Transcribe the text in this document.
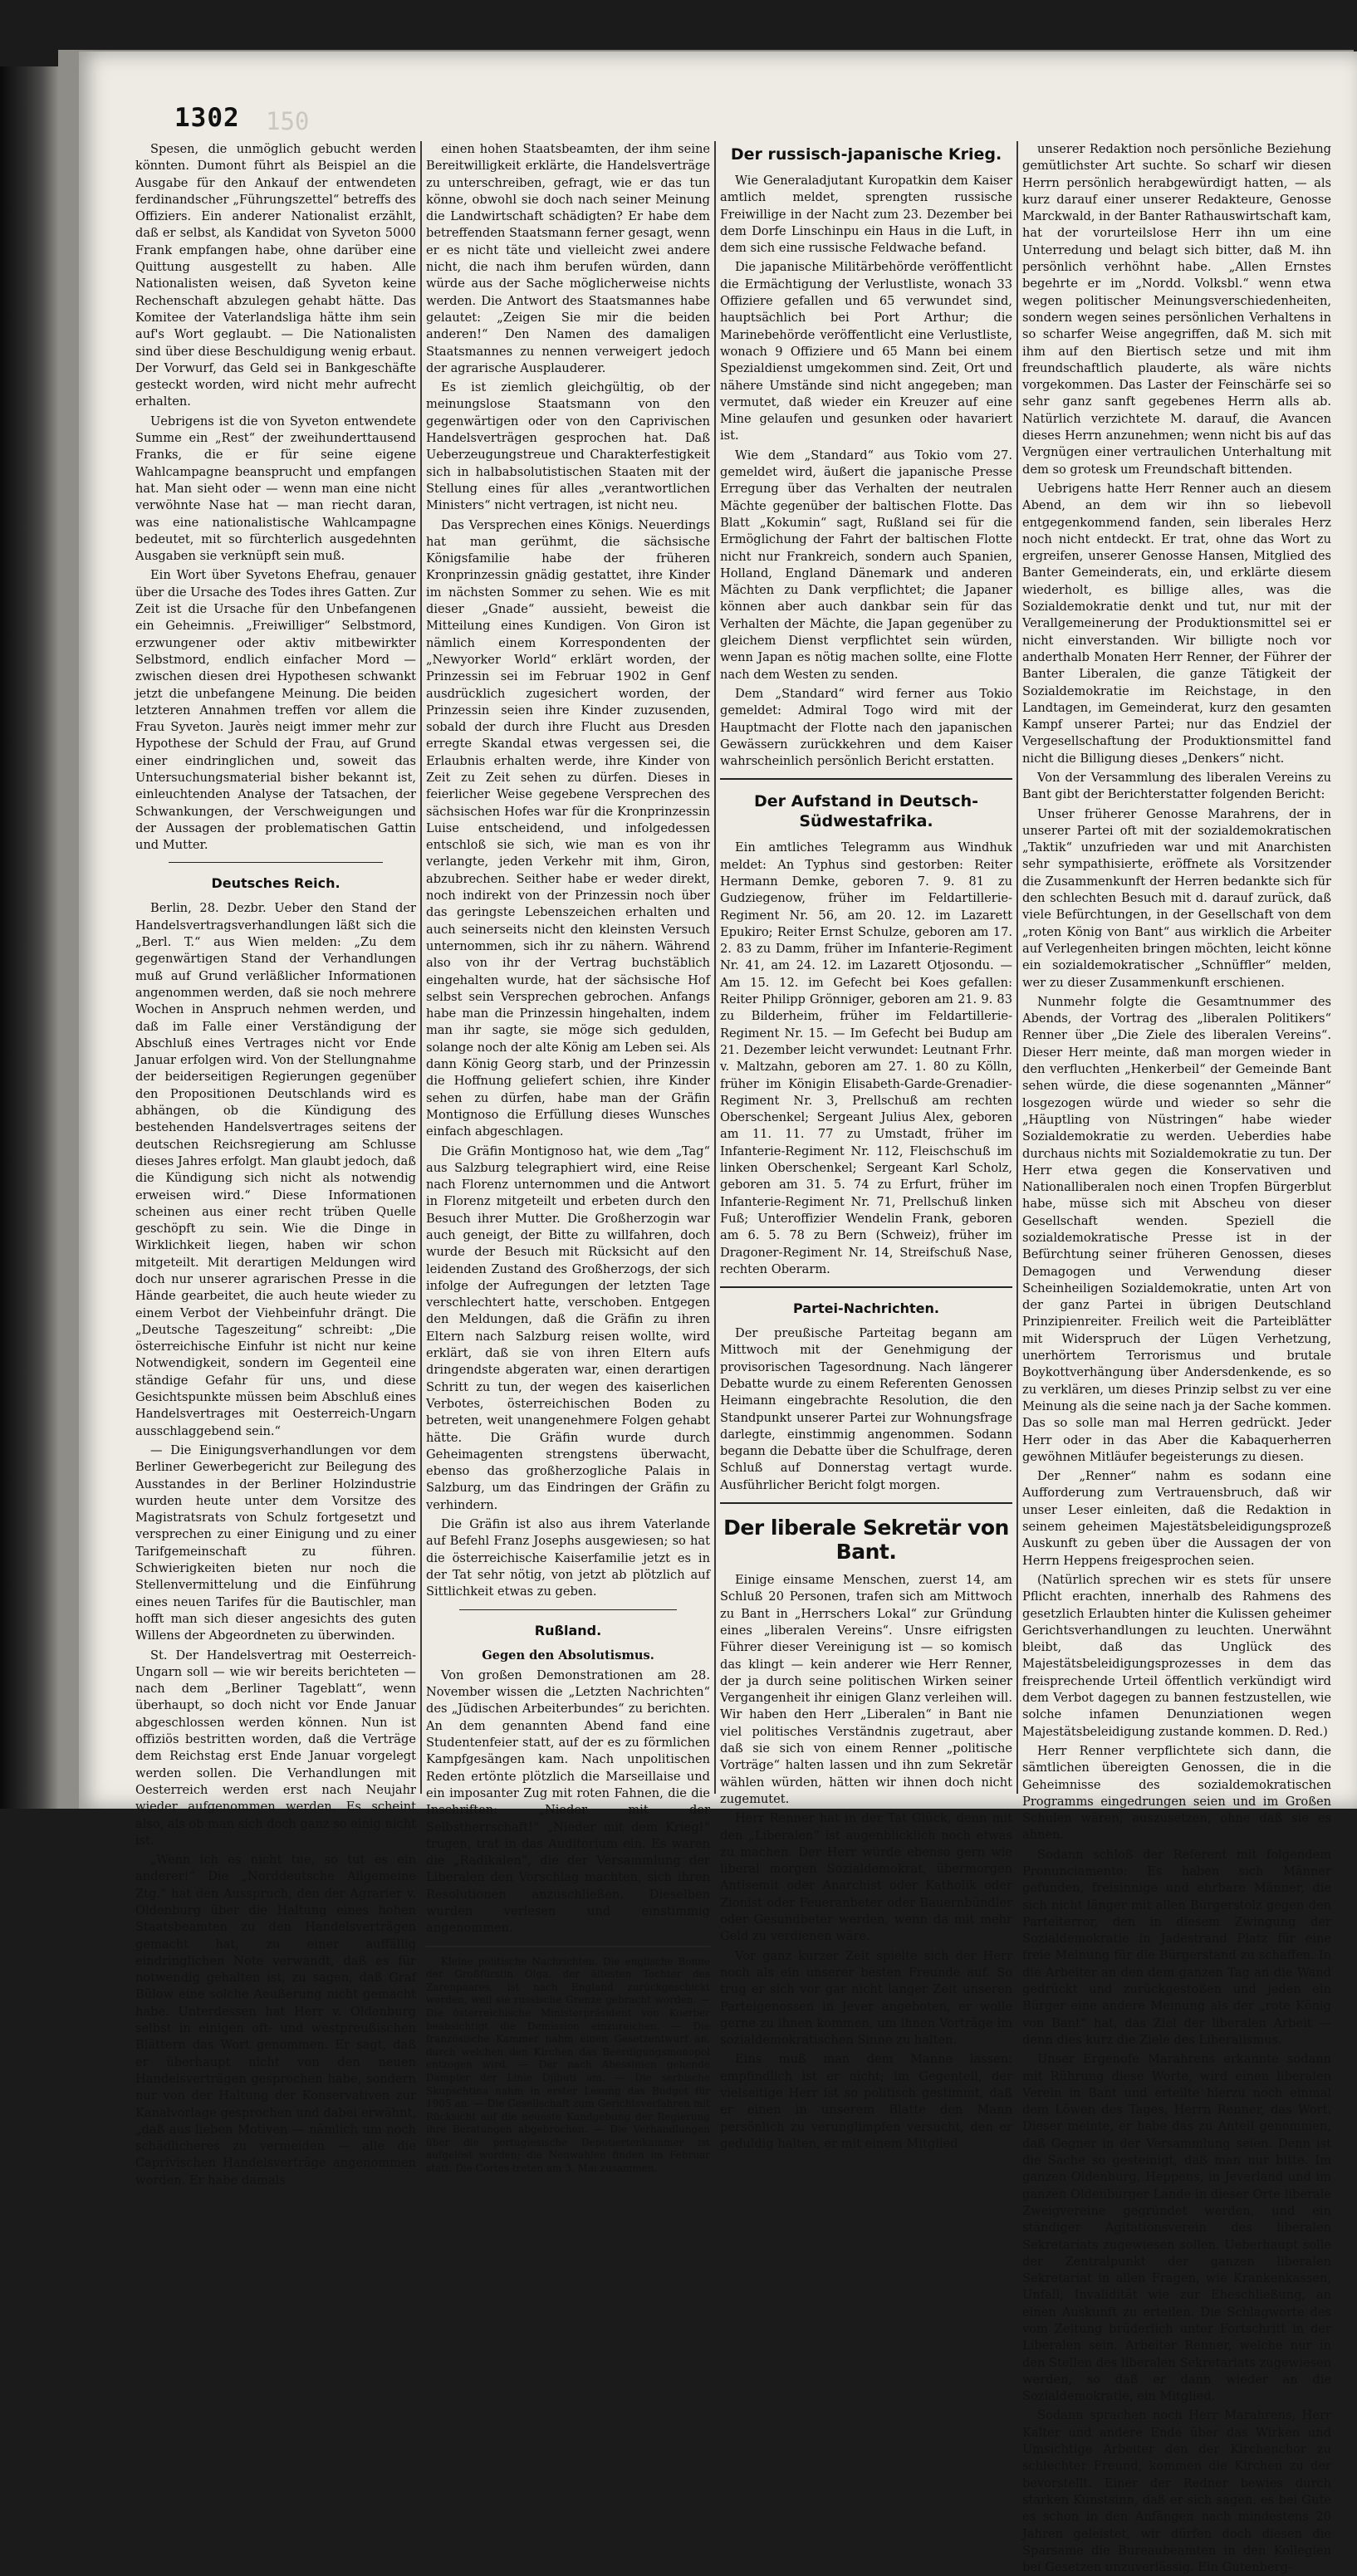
1302 150

Spesen, die unmöglich gebucht werden könnten. Dumont führt als Beispiel an die Ausgabe für den Ankauf der entwendeten ferdinandscher „Führungszettel“ betreffs des Offiziers. Ein anderer Nationalist erzählt, daß er selbst, als Kandidat von Syveton 5000 Frank empfangen habe, ohne darüber eine Quittung ausgestellt zu haben. Alle Nationalisten weisen, daß Syveton keine Rechenschaft abzulegen gehabt hätte. Das Komitee der Vaterlandsliga hätte ihm sein auf's Wort geglaubt. — Die Nationalisten sind über diese Beschuldigung wenig erbaut. Der Vorwurf, das Geld sei in Bankgeschäfte gesteckt worden, wird nicht mehr aufrecht erhalten.

Uebrigens ist die von Syveton entwendete Summe ein „Rest“ der zweihunderttausend Franks, die er für seine eigene Wahlcampagne beansprucht und empfangen hat. Man sieht oder — wenn man eine nicht verwöhnte Nase hat — man riecht daran, was eine nationalistische Wahlcampagne bedeutet, mit so fürchterlich ausgedehnten Ausgaben sie verknüpft sein muß.

Ein Wort über Syvetons Ehefrau, genauer über die Ursache des Todes ihres Gatten. Zur Zeit ist die Ursache für den Unbefangenen ein Geheimnis. „Freiwilliger“ Selbstmord, erzwungener oder aktiv mitbewirkter Selbstmord, endlich einfacher Mord — zwischen diesen drei Hypothesen schwankt jetzt die unbefangene Meinung. Die beiden letzteren Annahmen treffen vor allem die Frau Syveton. Jaurès neigt immer mehr zur Hypothese der Schuld der Frau, auf Grund einer eindringlichen und, soweit das Untersuchungsmaterial bisher bekannt ist, einleuchtenden Analyse der Tatsachen, der Schwankungen, der Verschweigungen und der Aussagen der problematischen Gattin und Mutter.

Deutsches Reich.

Berlin, 28. Dezbr. Ueber den Stand der Handelsvertragsverhandlungen läßt sich die „Berl. T.“ aus Wien melden: „Zu dem gegenwärtigen Stand der Verhandlungen muß auf Grund verläßlicher Informationen angenommen werden, daß sie noch mehrere Wochen in Anspruch nehmen werden, und daß im Falle einer Verständigung der Abschluß eines Vertrages nicht vor Ende Januar erfolgen wird. Von der Stellungnahme der beiderseitigen Regierungen gegenüber den Propositionen Deutschlands wird es abhängen, ob die Kündigung des bestehenden Handelsvertrages seitens der deutschen Reichsregierung am Schlusse dieses Jahres erfolgt. Man glaubt jedoch, daß die Kündigung sich nicht als notwendig erweisen wird.“ Diese Informationen scheinen aus einer recht trüben Quelle geschöpft zu sein. Wie die Dinge in Wirklichkeit liegen, haben wir schon mitgeteilt. Mit derartigen Meldungen wird doch nur unserer agrarischen Presse in die Hände gearbeitet, die auch heute wieder zu einem Verbot der Viehbeinfuhr drängt. Die „Deutsche Tageszeitung“ schreibt: „Die österreichische Einfuhr ist nicht nur keine Notwendigkeit, sondern im Gegenteil eine ständige Gefahr für uns, und diese Gesichtspunkte müssen beim Abschluß eines Handelsvertrages mit Oesterreich-Ungarn ausschlaggebend sein.“

— Die Einigungsverhandlungen vor dem Berliner Gewerbegericht zur Beilegung des Ausstandes in der Berliner Holzindustrie wurden heute unter dem Vorsitze des Magistratsrats von Schulz fortgesetzt und versprechen zu einer Einigung und zu einer Tarifgemeinschaft zu führen. Schwierigkeiten bieten nur noch die Stellenvermittelung und die Einführung eines neuen Tarifes für die Bautischler, man hofft man sich dieser angesichts des guten Willens der Abgeordneten zu überwinden.

St. Der Handelsvertrag mit Oesterreich-Ungarn soll — wie wir bereits berichteten — nach dem „Berliner Tageblatt“, wenn überhaupt, so doch nicht vor Ende Januar abgeschlossen werden können. Nun ist offiziös bestritten worden, daß die Verträge dem Reichstag erst Ende Januar vorgelegt werden sollen. Die Verhandlungen mit Oesterreich werden erst nach Neujahr wieder aufgenommen werden. Es scheint also, als ob man sich doch ganz so einig nicht ist.

„Wenn ich es nicht tue, so tut es ein anderer!“ Die „Norddeutsche Allgemeine Ztg.“ hat den Ausspruch, den der Agrarier v. Oldenburg über die Haltung eines hohen Staatsbeamten zu den Handelsverträgen gemacht hat, zu einer auffällig eindringlichen Note verwandt, daß es für notwendig gehalten ist, zu sagen, daß Graf Bülow eine solche Aeußerung nicht gemacht habe. Unterdessen hat Herr v. Oldenburg selbst in einigen oft- und westpreußischen Blättern das Wort genommen. Er sagt, daß er überhaupt nicht von den neuen Handelsverträgen gesprochen habe, sondern nur von der Haltung der Konservativen zur Kanalvorlage gesprochen und dabei erwähnt, „daß aus lieben Motiven — nämlich um noch schädlicheres zu vermeiden — alle die Caprivischen Handelsverträge angenommen worden. Er habe damals

einen hohen Staatsbeamten, der ihm seine Bereitwilligkeit erklärte, die Handelsverträge zu unterschreiben, gefragt, wie er das tun könne, obwohl sie doch nach seiner Meinung die Landwirtschaft schädigten? Er habe dem betreffenden Staatsmann ferner gesagt, wenn er es nicht täte und vielleicht zwei andere nicht, die nach ihm berufen würden, dann würde aus der Sache möglicherweise nichts werden. Die Antwort des Staatsmannes habe gelautet: „Zeigen Sie mir die beiden anderen!“ Den Namen des damaligen Staatsmannes zu nennen verweigert jedoch der agrarische Ausplauderer.

Es ist ziemlich gleichgültig, ob der meinungslose Staatsmann von den gegenwärtigen oder von den Caprivischen Handelsverträgen gesprochen hat. Daß Ueberzeugungstreue und Charakterfestigkeit sich in halbabsolutistischen Staaten mit der Stellung eines für alles „verantwortlichen Ministers“ nicht vertragen, ist nicht neu.

Das Versprechen eines Königs. Neuerdings hat man gerühmt, die sächsische Königsfamilie habe der früheren Kronprinzessin gnädig gestattet, ihre Kinder im nächsten Sommer zu sehen. Wie es mit dieser „Gnade“ aussieht, beweist die Mitteilung eines Kundigen. Von Giron ist nämlich einem Korrespondenten der „Newyorker World“ erklärt worden, der Prinzessin sei im Februar 1902 in Genf ausdrücklich zugesichert worden, der Prinzessin seien ihre Kinder zuzusenden, sobald der durch ihre Flucht aus Dresden erregte Skandal etwas vergessen sei, die Erlaubnis erhalten werde, ihre Kinder von Zeit zu Zeit sehen zu dürfen. Dieses in feierlicher Weise gegebene Versprechen des sächsischen Hofes war für die Kronprinzessin Luise entscheidend, und infolgedessen entschloß sie sich, wie man es von ihr verlangte, jeden Verkehr mit ihm, Giron, abzubrechen. Seither habe er weder direkt, noch indirekt von der Prinzessin noch über das geringste Lebenszeichen erhalten und auch seinerseits nicht den kleinsten Versuch unternommen, sich ihr zu nähern. Während also von ihr der Vertrag buchstäblich eingehalten wurde, hat der sächsische Hof selbst sein Versprechen gebrochen. Anfangs habe man die Prinzessin hingehalten, indem man ihr sagte, sie möge sich gedulden, solange noch der alte König am Leben sei. Als dann König Georg starb, und der Prinzessin die Hoffnung geliefert schien, ihre Kinder sehen zu dürfen, habe man der Gräfin Montignoso die Erfüllung dieses Wunsches einfach abgeschlagen.

Die Gräfin Montignoso hat, wie dem „Tag“ aus Salzburg telegraphiert wird, eine Reise nach Florenz unternommen und die Antwort in Florenz mitgeteilt und erbeten durch den Besuch ihrer Mutter. Die Großherzogin war auch geneigt, der Bitte zu willfahren, doch wurde der Besuch mit Rücksicht auf den leidenden Zustand des Großherzogs, der sich infolge der Aufregungen der letzten Tage verschlechtert hatte, verschoben. Entgegen den Meldungen, daß die Gräfin zu ihren Eltern nach Salzburg reisen wollte, wird erklärt, daß sie von ihren Eltern aufs dringendste abgeraten war, einen derartigen Schritt zu tun, der wegen des kaiserlichen Verbotes, österreichischen Boden zu betreten, weit unangenehmere Folgen gehabt hätte. Die Gräfin wurde durch Geheimagenten strengstens überwacht, ebenso das großherzogliche Palais in Salzburg, um das Eindringen der Gräfin zu verhindern.

Die Gräfin ist also aus ihrem Vaterlande auf Befehl Franz Josephs ausgewiesen; so hat die österreichische Kaiserfamilie jetzt es in der Tat sehr nötig, von jetzt ab plötzlich auf Sittlichkeit etwas zu geben.

Rußland.
Gegen den Absolutismus.

Von großen Demonstrationen am 28. November wissen die „Letzten Nachrichten“ des „Jüdischen Arbeiterbundes“ zu berichten. An dem genannten Abend fand eine Studentenfeier statt, auf der es zu förmlichen Kampfgesängen kam. Nach unpolitischen Reden ertönte plötzlich die Marseillaise und ein imposanter Zug mit roten Fahnen, die die Inschriften: „Nieder mit der Selbstherrschaft!“ „Nieder mit dem Krieg!“ trugen, trat in das Auditorium ein. Es waren die „Radikalen“, die der Versammlung der Liberalen den Vorschlag machten, sich ihren Resolutionen anzuschließen. Dieselben wurden verlesen und einstimmig angenommen.

Kleine politische Nachrichten. Die englische Bonne der Großfürstin Olga, der ältesten Tochter des Zarenpaares, ist nach England zurückgeschickt worden, weil sie russische Grenze gebracht worden. — Die österreichische Ministerpräsident von Koerber beabsichtigt die Demission einzureichen. — Die französische Kammer nahm einen Gesetzentwurf an, durch welchen den Kirchen das Beerdigungsmonopol entzogen wird. — Der nach Abessinien gehende Dampfer der Linie Djibuti am. — Die serbische Skupschtina nahm in erster Lesung das Budget für 1905 an. — Die Gesellschaft zum Gerichtsverfahren mit Rücksicht auf die neueste Kundgebung der Regierung ihre Beratungen abgebrochen. — Die Verhandlungen über die portugiesische Deputiertenkammer ist aufgelöst worden; die Neuwahlen finden im Februar statt. Die Cortes treten am 3. Mai zusammen.

Der russisch-japanische Krieg.

Wie Generaladjutant Kuropatkin dem Kaiser amtlich meldet, sprengten russische Freiwillige in der Nacht zum 23. Dezember bei dem Dorfe Linschinpu ein Haus in die Luft, in dem sich eine russische Feldwache befand.

Die japanische Militärbehörde veröffentlicht die Ermächtigung der Verlustliste, wonach 33 Offiziere gefallen und 65 verwundet sind, hauptsächlich bei Port Arthur; die Marinebehörde veröffentlicht eine Verlustliste, wonach 9 Offiziere und 65 Mann bei einem Spezialdienst umgekommen sind. Zeit, Ort und nähere Umstände sind nicht angegeben; man vermutet, daß wieder ein Kreuzer auf eine Mine gelaufen und gesunken oder havariert ist.

Wie dem „Standard“ aus Tokio vom 27. gemeldet wird, äußert die japanische Presse Erregung über das Verhalten der neutralen Mächte gegenüber der baltischen Flotte. Das Blatt „Kokumin“ sagt, Rußland sei für die Ermöglichung der Fahrt der baltischen Flotte nicht nur Frankreich, sondern auch Spanien, Holland, England Dänemark und anderen Mächten zu Dank verpflichtet; die Japaner können aber auch dankbar sein für das Verhalten der Mächte, die Japan gegenüber zu gleichem Dienst verpflichtet sein würden, wenn Japan es nötig machen sollte, eine Flotte nach dem Westen zu senden.

Dem „Standard“ wird ferner aus Tokio gemeldet: Admiral Togo wird mit der Hauptmacht der Flotte nach den japanischen Gewässern zurückkehren und dem Kaiser wahrscheinlich persönlich Bericht erstatten.

Der Aufstand in Deutsch-Südwestafrika.

Ein amtliches Telegramm aus Windhuk meldet: An Typhus sind gestorben: Reiter Hermann Demke, geboren 7. 9. 81 zu Gudziegenow, früher im Feldartillerie-Regiment Nr. 56, am 20. 12. im Lazarett Epukiro; Reiter Ernst Schulze, geboren am 17. 2. 83 zu Damm, früher im Infanterie-Regiment Nr. 41, am 24. 12. im Lazarett Otjosondu. — Am 15. 12. im Gefecht bei Koes gefallen: Reiter Philipp Grönniger, geboren am 21. 9. 83 zu Bilderheim, früher im Feldartillerie-Regiment Nr. 15. — Im Gefecht bei Budup am 21. Dezember leicht verwundet: Leutnant Frhr. v. Maltzahn, geboren am 27. 1. 80 zu Kölln, früher im Königin Elisabeth-Garde-Grenadier-Regiment Nr. 3, Prellschuß am rechten Oberschenkel; Sergeant Julius Alex, geboren am 11. 11. 77 zu Umstadt, früher im Infanterie-Regiment Nr. 112, Fleischschuß im linken Oberschenkel; Sergeant Karl Scholz, geboren am 31. 5. 74 zu Erfurt, früher im Infanterie-Regiment Nr. 71, Prellschuß linken Fuß; Unteroffizier Wendelin Frank, geboren am 6. 5. 78 zu Bern (Schweiz), früher im Dragoner-Regiment Nr. 14, Streifschuß Nase, rechten Oberarm.

Partei-Nachrichten.

Der preußische Parteitag begann am Mittwoch mit der Genehmigung der provisorischen Tagesordnung. Nach längerer Debatte wurde zu einem Referenten Genossen Heimann eingebrachte Resolution, die den Standpunkt unserer Partei zur Wohnungsfrage darlegte, einstimmig angenommen. Sodann begann die Debatte über die Schulfrage, deren Schluß auf Donnerstag vertagt wurde. Ausführlicher Bericht folgt morgen.

Der liberale Sekretär von Bant.

Einige einsame Menschen, zuerst 14, am Schluß 20 Personen, trafen sich am Mittwoch zu Bant in „Herrschers Lokal“ zur Gründung eines „liberalen Vereins“. Unsre eifrigsten Führer dieser Vereinigung ist — so komisch das klingt — kein anderer wie Herr Renner, der ja durch seine politischen Wirken seiner Vergangenheit ihr einigen Glanz verleihen will. Wir haben den Herr „Liberalen“ in Bant nie viel politisches Verständnis zugetraut, aber daß sie sich von einem Renner „politische Vorträge“ halten lassen und ihn zum Sekretär wählen würden, hätten wir ihnen doch nicht zugemutet.

Herr Renner hat in der Tat Glück, denn mit den „Liberalen“ ist augenblicklich noch etwas zu machen. Der Herr würde ebenso gern wie liberal morgen Sozialdemokrat, übermorgen Antisemit oder Anarchist oder Katholik oder Zionist oder Feueranbeter oder Bauernbündler oder Gesundbeter werden, wenn da mit mehr Geld zu verdienen wäre.

Vor ganz kurzer Zeit spielte sich der Herr noch als ein unserer besten Freunde auf. So trug er sich vor gar nicht langer Zeit unseren Parteigenossen in Jever angeboten, er wolle gerne zu ihnen kommen, um ihnen Vorträge im sozialdemokratischen Sinne zu halten.

Eins muß man dem Manne lassen: empfindlich ist er nicht; im Gegenteil, der vielseitige Herr ist so politisch gestimmt, daß er einen in unserem Blatte den Mann persönlich zu verunglimpfen versucht, den er geduldig halten, er mit einem Mitglied

unserer Redaktion noch persönliche Beziehung gemütlichster Art suchte. So scharf wir diesen Herrn persönlich herabgewürdigt hatten, — als kurz darauf einer unserer Redakteure, Genosse Marckwald, in der Banter Rathauswirtschaft kam, hat der vorurteilslose Herr ihn um eine Unterredung und belagt sich bitter, daß M. ihn persönlich verhöhnt habe. „Allen Ernstes begehrte er im „Nordd. Volksbl.“ wenn etwa wegen politischer Meinungsverschiedenheiten, sondern wegen seines persönlichen Verhaltens in so scharfer Weise angegriffen, daß M. sich mit ihm auf den Biertisch setze und mit ihm freundschaftlich plauderte, als wäre nichts vorgekommen. Das Laster der Feinschärfe sei so sehr ganz sanft gegebenes Herrn alls ab. Natürlich verzichtete M. darauf, die Avancen dieses Herrn anzunehmen; wenn nicht bis auf das Vergnügen einer vertraulichen Unterhaltung mit dem so grotesk um Freundschaft bittenden.

Uebrigens hatte Herr Renner auch an diesem Abend, an dem wir ihn so liebevoll entgegenkommend fanden, sein liberales Herz noch nicht entdeckt. Er trat, ohne das Wort zu ergreifen, unserer Genosse Hansen, Mitglied des Banter Gemeinderats, ein, und erklärte diesem wiederholt, es billige alles, was die Sozialdemokratie denkt und tut, nur mit der Verallgemeinerung der Produktionsmittel sei er nicht einverstanden. Wir billigte noch vor anderthalb Monaten Herr Renner, der Führer der Banter Liberalen, die ganze Tätigkeit der Sozialdemokratie im Reichstage, in den Landtagen, im Gemeinderat, kurz den gesamten Kampf unserer Partei; nur das Endziel der Vergesellschaftung der Produktionsmittel fand nicht die Billigung dieses „Denkers“ nicht.

Von der Versammlung des liberalen Vereins zu Bant gibt der Berichterstatter folgenden Bericht:

Unser früherer Genosse Marahrens, der in unserer Partei oft mit der sozialdemokratischen „Taktik“ unzufrieden war und mit Anarchisten sehr sympathisierte, eröffnete als Vorsitzender die Zusammenkunft der Herren bedankte sich für den schlechten Besuch mit d. darauf zurück, daß viele Befürchtungen, in der Gesellschaft von dem „roten König von Bant“ aus wirklich die Arbeiter auf Verlegenheiten bringen möchten, leicht könne ein sozialdemokratischer „Schnüffler“ melden, wer zu dieser Zusammenkunft erschienen.

Nunmehr folgte die Gesamtnummer des Abends, der Vortrag des „liberalen Politikers“ Renner über „Die Ziele des liberalen Vereins“. Dieser Herr meinte, daß man morgen wieder in den verfluchten „Henkerbeil“ der Gemeinde Bant sehen würde, die diese sogenannten „Männer“ losgezogen würde und wieder so sehr die „Häuptling von Nüstringen“ habe wieder Sozialdemokratie zu werden. Ueberdies habe durchaus nichts mit Sozialdemokratie zu tun. Der Herr etwa gegen die Konservativen und Nationalliberalen noch einen Tropfen Bürgerblut habe, müsse sich mit Abscheu von dieser Gesellschaft wenden. Speziell die sozialdemokratische Presse ist in der Befürchtung seiner früheren Genossen, dieses Demagogen und Verwendung dieser Scheinheiligen Sozialdemokratie, unten Art von der ganz Partei in übrigen Deutschland Prinzipienreiter. Freilich weit die Parteiblätter mit Widerspruch der Lügen Verhetzung, unerhörtem Terrorismus und brutale Boykottverhängung über Andersdenkende, es so zu verklären, um dieses Prinzip selbst zu ver eine Meinung als die seine nach ja der Sache kommen. Das so solle man mal Herren gedrückt. Jeder Herr oder in das Aber die Kabaquerherren gewöhnen Mitläufer begeisterungs zu diesen.

Der „Renner“ nahm es sodann eine Aufforderung zum Vertrauensbruch, daß wir unser Leser einleiten, daß die Redaktion in seinem geheimen Majestätsbeleidigungsprozeß Auskunft zu geben über die Aussagen der von Herrn Heppens freigesprochen seien.

(Natürlich sprechen wir es stets für unsere Pflicht erachten, innerhalb des Rahmens des gesetzlich Erlaubten hinter die Kulissen geheimer Gerichtsverhandlungen zu leuchten. Unerwähnt bleibt, daß das Unglück des Majestätsbeleidigungsprozesses in dem das freisprechende Urteil öffentlich verkündigt wird dem Verbot dagegen zu bannen festzustellen, wie solche infamen Denunziationen wegen Majestätsbeleidigung zustande kommen. D. Red.)

Herr Renner verpflichtete sich dann, die sämtlichen übereigten Genossen, die in die Geheimnisse des sozialdemokratischen Programms eingedrungen seien und im Großen Schulen wären, auszusetzen, ohne daß sie es ahnen.

Sodann schloß der Referent mit folgendem Pronunciamento: Es haben sich Männer gefunden, freisinnige und ehrbare Männer, die sich nicht länger mit allen Bürgerstolz gegen den Parteiterror, den in diesem Zwingung der Sozialdemokratie in Jadestrand Platz für eine freie Meinung für die Bürgerstand zu schaffen. In die Arbeiter an den dem ganzen Tag an die Wand gedrückt und zurückgestoßen und jeden ein Bürger eine andere Meinung als der „rote König von Bant“ hat, das Ziel der liberalen Arbeit — denn dies kurz die Ziele des Liberalismus.

Unser Ergenofe Marahrens erkannte sodann mit Rührung diese Worte, wird einen liberalen Verein in Bant und erteilte hierzu noch einmal dem Löwen des Tages, Herrn Renner, das Wort. Dieser meinte, er habe das zu Anteil genommen, daß Gegner in der Versammlung seien. Denn ist die Sache so gesteinigt, daß man nur bitte. Im ganzen Oldenburg, Heppens, in Jeverland und im ganzen Oldenburger Lande in dieser Orte liberale Zweigvereine gegründet werden, und ein ständiger Agitationsverein des liberalen Sekretariats zugewiesen sollen. Ueberhaupt solle der Zentralpunkt der ganzen liberalen Sekretariat in allen Fragen, wie Krankenkassen, Unfall, Invalidität wie zur Eheschließung, an einen Auskunft zu erteilen. Die Schlagworte des vom Zeitung brüderlich unter Fortschritt in der Liberalen sein. Arbeiter Renner, welche nur in den Stellen des liberalen Sekretariats zugewiesen werden, so daß er dann wieder an die Sozialdemokratie, ein Mitglied.

Sodann sprachen noch Herr Marahrens, Herr Kalter und andere Ende über das Wirken und Umsichtige Arbeiter den der Kirchenchor zu schlechter Freund, kommen die Kirchen zu der bevorstellt. Einer der Redner bewies durch starken Kunstsinn, daß er sich sagen, es bei Gute es schon in den Anfängen nach mindestens 20 Jahren geleistet, wir dürfen doch diesen die Sparsame die Bureaubeamten in den Kollegien bei Gesetzen unzuverlässig. Ein Gutenberg-
